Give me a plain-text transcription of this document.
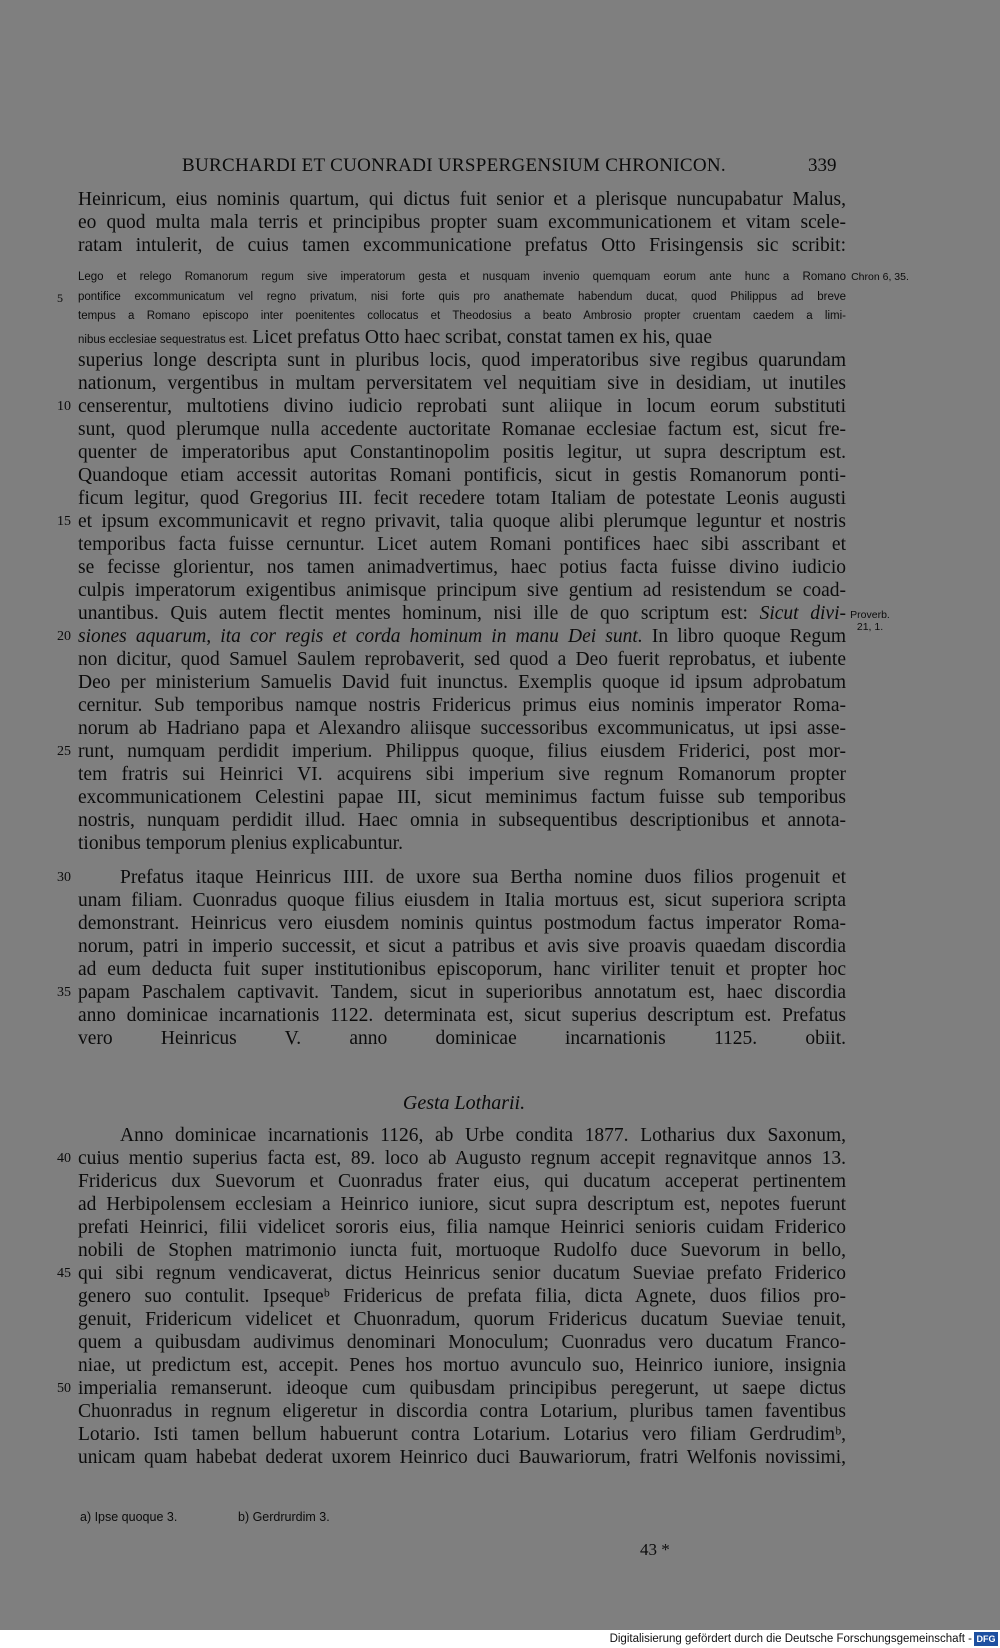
BURCHARDI ET CUONRADI URSPERGENSIUM CHRONICON.	339
Heinricum, eius nominis quartum, qui dictus fuit senior et a plerisque nuncupabatur Malus,
eo quod multa mala terris et principibus propter suam excommunicationem et vitam scele-
ratam intulerit, de cuius tamen excommunicatione prefatus Otto Frisingensis sic scribit:
Lego et relego Romanorum regum sive imperatorum gesta et nusquam invenio quemquam eorum ante hunc a Romano
pontifice excommunicatum vel regno privatum, nisi forte quis pro anathemate habendum ducat, quod Philippus ad breve
tempus a Romano episcopo inter poenitentes collocatus et Theodosius a beato Ambrosio propter cruentam caedem a limi-
nibus ecclesiae sequestratus est. Licet prefatus Otto haec scribat, constat tamen ex his, quae
superius longe descripta sunt in pluribus locis, quod imperatoribus sive regibus quarundam
nationum, vergentibus in multam perversitatem vel nequitiam sive in desidiam, ut inutiles
censerentur, multotiens divino iudicio reprobati sunt aliique in locum eorum substituti
sunt, quod plerumque nulla accedente auctoritate Romanae ecclesiae factum est, sicut fre-
quenter de imperatoribus aput Constantinopolim positis legitur, ut supra descriptum est.
Quandoque etiam accessit autoritas Romani pontificis, sicut in gestis Romanorum ponti-
ficum legitur, quod Gregorius III. fecit recedere totam Italiam de potestate Leonis augusti
et ipsum excommunicavit et regno privavit, talia quoque alibi plerumque leguntur et nostris
temporibus facta fuisse cernuntur. Licet autem Romani pontifices haec sibi asscribant et
se fecisse glorientur, nos tamen animadvertimus, haec potius facta fuisse divino iudicio
culpis imperatorum exigentibus animisque principum sive gentium ad resistendum se coad-
unantibus. Quis autem flectit mentes hominum, nisi ille de quo scriptum est: Sicut divi-
siones aquarum, ita cor regis et corda hominum in manu Dei sunt. In libro quoque Regum
non dicitur, quod Samuel Saulem reprobaverit, sed quod a Deo fuerit reprobatus, et iubente
Deo per ministerium Samuelis David fuit inunctus. Exemplis quoque id ipsum adprobatum
cernitur. Sub temporibus namque nostris Fridericus primus eius nominis imperator Roma-
norum ab Hadriano papa et Alexandro aliisque successoribus excommunicatus, ut ipsi asse-
runt, numquam perdidit imperium. Philippus quoque, filius eiusdem Friderici, post mor-
tem fratris sui Heinrici VI. acquirens sibi imperium sive regnum Romanorum propter
excommunicationem Celestini papae III, sicut meminimus factum fuisse sub temporibus
nostris, nunquam perdidit illud. Haec omnia in subsequentibus descriptionibus et annota-
tionibus temporum plenius explicabuntur.
Prefatus itaque Heinricus IIII. de uxore sua Bertha nomine duos filios progenuit et
unam filiam. Cuonradus quoque filius eiusdem in Italia mortuus est, sicut superiora scripta
demonstrant. Heinricus vero eiusdem nominis quintus postmodum factus imperator Roma-
norum, patri in imperio successit, et sicut a patribus et avis sive proavis quaedam discordia
ad eum deducta fuit super institutionibus episcoporum, hanc viriliter tenuit et propter hoc
papam Paschalem captivavit. Tandem, sicut in superioribus annotatum est, haec discordia
anno dominicae incarnationis 1122. determinata est, sicut superius descriptum est. Prefatus
vero Heinricus V. anno dominicae incarnationis 1125. obiit.
Gesta Lotharii.
Anno dominicae incarnationis 1126, ab Urbe condita 1877. Lotharius dux Saxonum,
cuius mentio superius facta est, 89. loco ab Augusto regnum accepit regnavitque annos 13.
Fridericus dux Suevorum et Cuonradus frater eius, qui ducatum acceperat pertinentem
ad Herbipolensem ecclesiam a Heinrico iuniore, sicut supra descriptum est, nepotes fuerunt
prefati Heinrici, filii videlicet sororis eius, filia namque Heinrici senioris cuidam Friderico
nobili de Stophen matrimonio iuncta fuit, mortuoque Rudolfo duce Suevorum in bello,
qui sibi regnum vendicaverat, dictus Heinricus senior ducatum Sueviae prefato Friderico
genero suo contulit. Ipsequeᵇ Fridericus de prefata filia, dicta Agnete, duos filios pro-
genuit, Fridericum videlicet et Chuonradum, quorum Fridericus ducatum Sueviae tenuit,
quem a quibusdam audivimus denominari Monoculum; Cuonradus vero ducatum Franco-
niae, ut predictum est, accepit. Penes hos mortuo avunculo suo, Heinrico iuniore, insignia
imperialia remanserunt. ideoque cum quibusdam principibus peregerunt, ut saepe dictus
Chuonradus in regnum eligeretur in discordia contra Lotarium, pluribus tamen faventibus
Lotario. Isti tamen bellum habuerunt contra Lotarium. Lotarius vero filiam Gerdrudimᵇ,
unicam quam habebat dederat uxorem Heinrico duci Bauwariorum, fratri Welfonis novissimi,
5
10
15
20
25
30
35
40
45
50
Chron 6, 35.
Proverb.
21, 1.
a) Ipse quoque 3.	b) Gerdrurdim 3.
43 *
Digitalisierung gefördert durch die Deutsche Forschungsgemeinschaft - DFG
